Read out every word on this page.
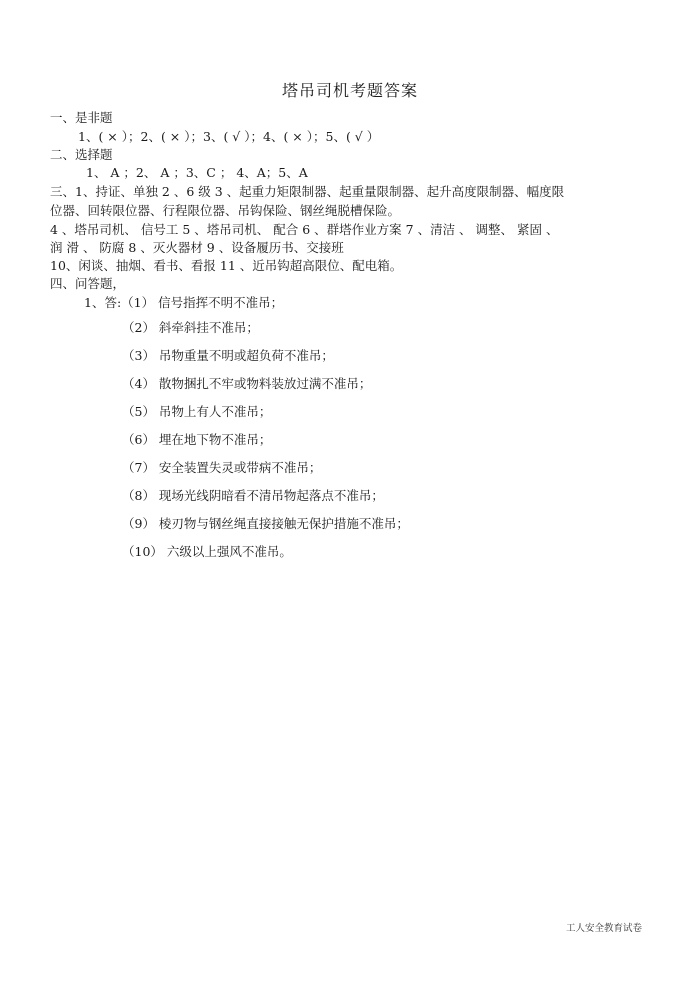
塔吊司机考题答案
一、是非题
1、( × ）；2、( × ）；3、( √ ）；4、( × ）；5、( √ ）
二、选择题
1、 A ；2、 A ；3、C ； 4、A；5、A
三、1、持证、单独 2 、6 级 3 、起重力矩限制器、起重量限制器、起升高度限制器、幅度限
位器、回转限位器、行程限位器、吊钩保险、钢丝绳脱槽保险。
4 、塔吊司机、 信号工 5 、塔吊司机、 配合 6 、群塔作业方案 7 、清洁 、 调整、 紧固 、
润 滑 、 防腐 8 、灭火器材 9 、设备履历书、交接班
10、闲谈、抽烟、看书、看报 11 、近吊钩超高限位、配电箱。
四、问答题，
1、答:（1） 信号指挥不明不准吊；
（2） 斜牵斜挂不准吊；
（3） 吊物重量不明或超负荷不准吊；
（4） 散物捆扎不牢或物料装放过满不准吊；
（5） 吊物上有人不准吊；
（6） 埋在地下物不准吊；
（7） 安全装置失灵或带病不准吊；
（8） 现场光线阴暗看不清吊物起落点不准吊；
（9） 棱刃物与钢丝绳直接接触无保护措施不准吊；
（10） 六级以上强风不准吊。
工人安全教育试卷
